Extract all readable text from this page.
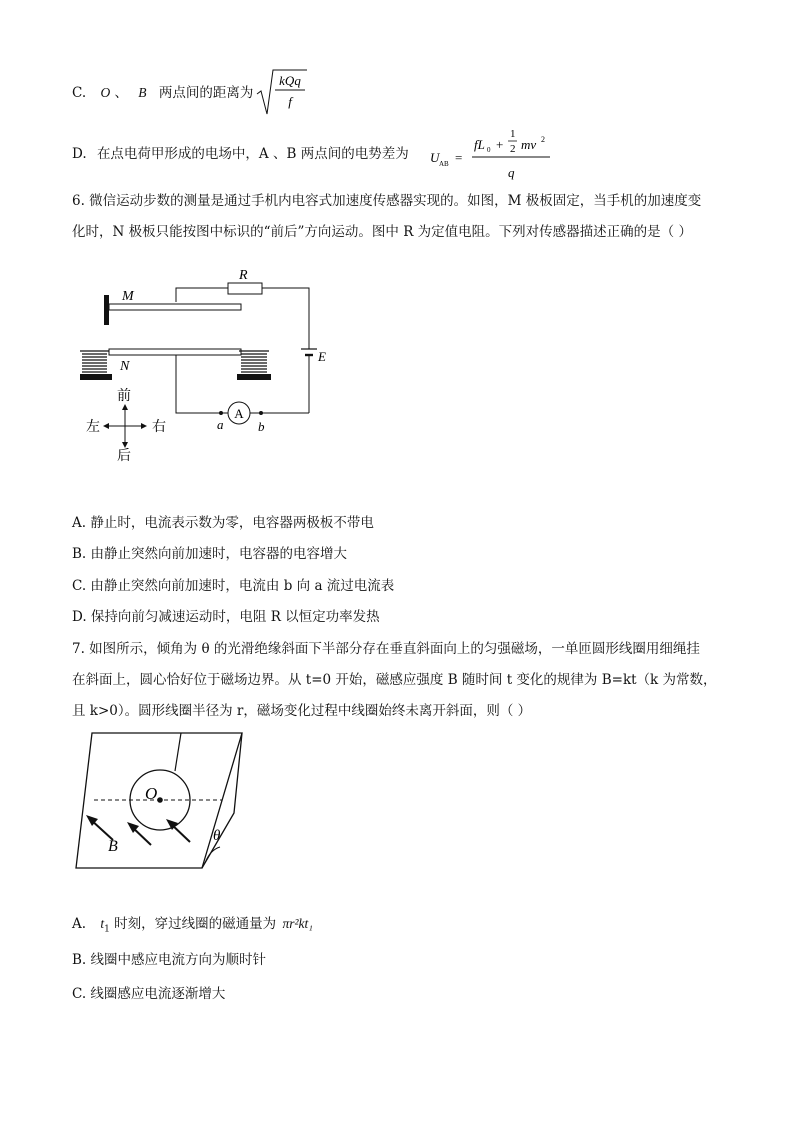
C. O 、 B 两点间的距离为
kQq
f
D. 在点电荷甲形成的电场中，A 、B 两点间的电势差为 U AB =
fL 0 +
1
2 mv 2
q
6. 微信运动步数的测量是通过手机内电容式加速度传感器实现的。如图，M 极板固定，当手机的加速度变
化时，N 极板只能按图中标识的“前后”方向运动。图中 R 为定值电阻。下列对传感器描述正确的是（ ）
R
E
M
N
A
a	b
前
后
左	右
A. 静止时，电流表示数为零，电容器两极板不带电
B. 由静止突然向前加速时，电容器的电容增大
C. 由静止突然向前加速时，电流由 b 向 a 流过电流表
D. 保持向前匀减速运动时，电阻 R 以恒定功率发热
7. 如图所示，倾角为 θ 的光滑绝缘斜面下半部分存在垂直斜面向上的匀强磁场，一单匝圆形线圈用细绳挂
在斜面上，圆心恰好位于磁场边界。从 t=0 开始，磁感应强度 B 随时间 t 变化的规律为 B=kt（k 为常数，
且 k>0）。圆形线圈半径为 r，磁场变化过程中线圈始终未离开斜面，则（ ）
O
B
θ
A. $t_1$ 时刻，穿过线圈的磁通量为 πr²kt₁
B. 线圈中感应电流方向为顺时针
C. 线圈感应电流逐渐增大
